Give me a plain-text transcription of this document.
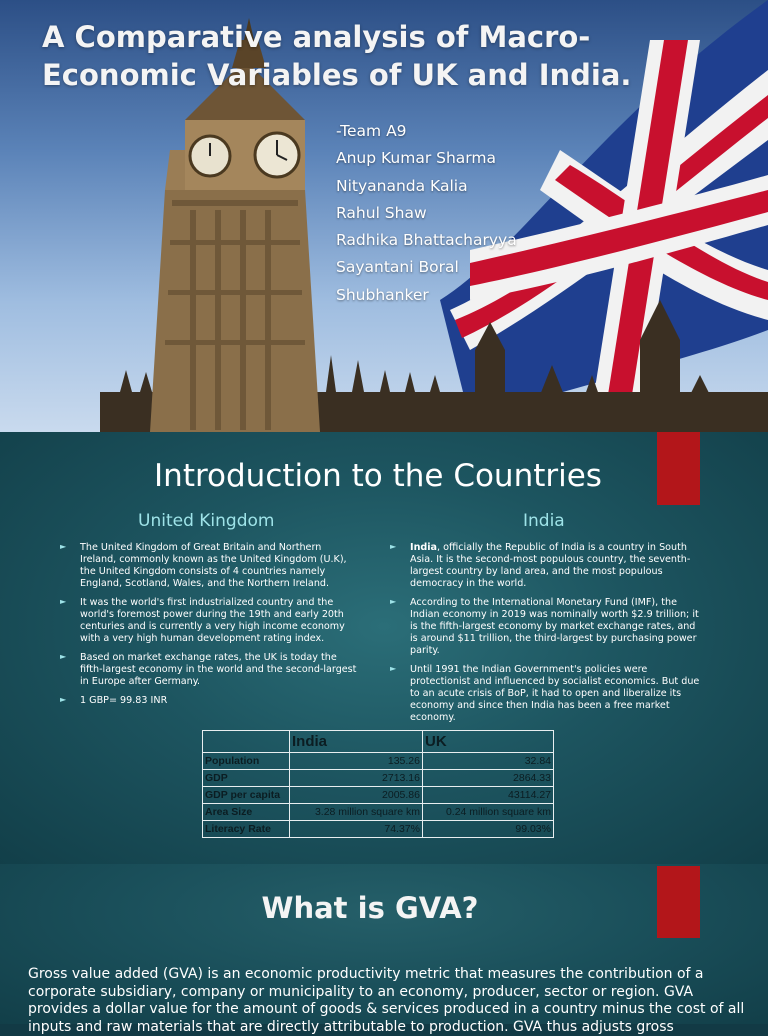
A Comparative analysis of Macro-Economic Variables of UK and India.
-Team A9
Anup Kumar Sharma
Nityananda Kalia
Rahul Shaw
Radhika Bhattacharyya
Sayantani Boral
Shubhanker
Introduction to the Countries
United Kingdom	India
► The United Kingdom of Great Britain and Northern Ireland, commonly known as the United Kingdom (U.K), the United Kingdom consists of 4 countries namely England, Scotland, Wales, and the Northern Ireland.
► It was the world's first industrialized country and the world's foremost power during the 19th and early 20th centuries and is currently a very high income economy with a very high human development rating index.
► Based on market exchange rates, the UK is today the fifth-largest economy in the world and the second-largest in Europe after Germany.
► 1 GBP= 99.83 INR
► India, officially the Republic of India is a country in South Asia. It is the second-most populous country, the seventh-largest country by land area, and the most populous democracy in the world.
► According to the International Monetary Fund (IMF), the Indian economy in 2019 was nominally worth $2.9 trillion; it is the fifth-largest economy by market exchange rates, and is around $11 trillion, the third-largest by purchasing power parity.
► Until 1991 the Indian Government's policies were protectionist and influenced by socialist economics. But due to an acute crisis of BoP, it had to open and liberalize its economy and since then India has been a free market economy.
	India	UK
Population	135.26	32.84
GDP	2713.16	2864.33
GDP per capita	2005.86	43114.27
Area Size	3.28 million square km	0.24 million square km
Literacy Rate	74.37%	99.03%
What is GVA?
Gross value added (GVA) is an economic productivity metric that measures the contribution of a corporate subsidiary, company or municipality to an economy, producer, sector or region. GVA provides a dollar value for the amount of goods & services produced in a country minus the cost of all inputs and raw materials that are directly attributable to production. GVA thus adjusts gross
